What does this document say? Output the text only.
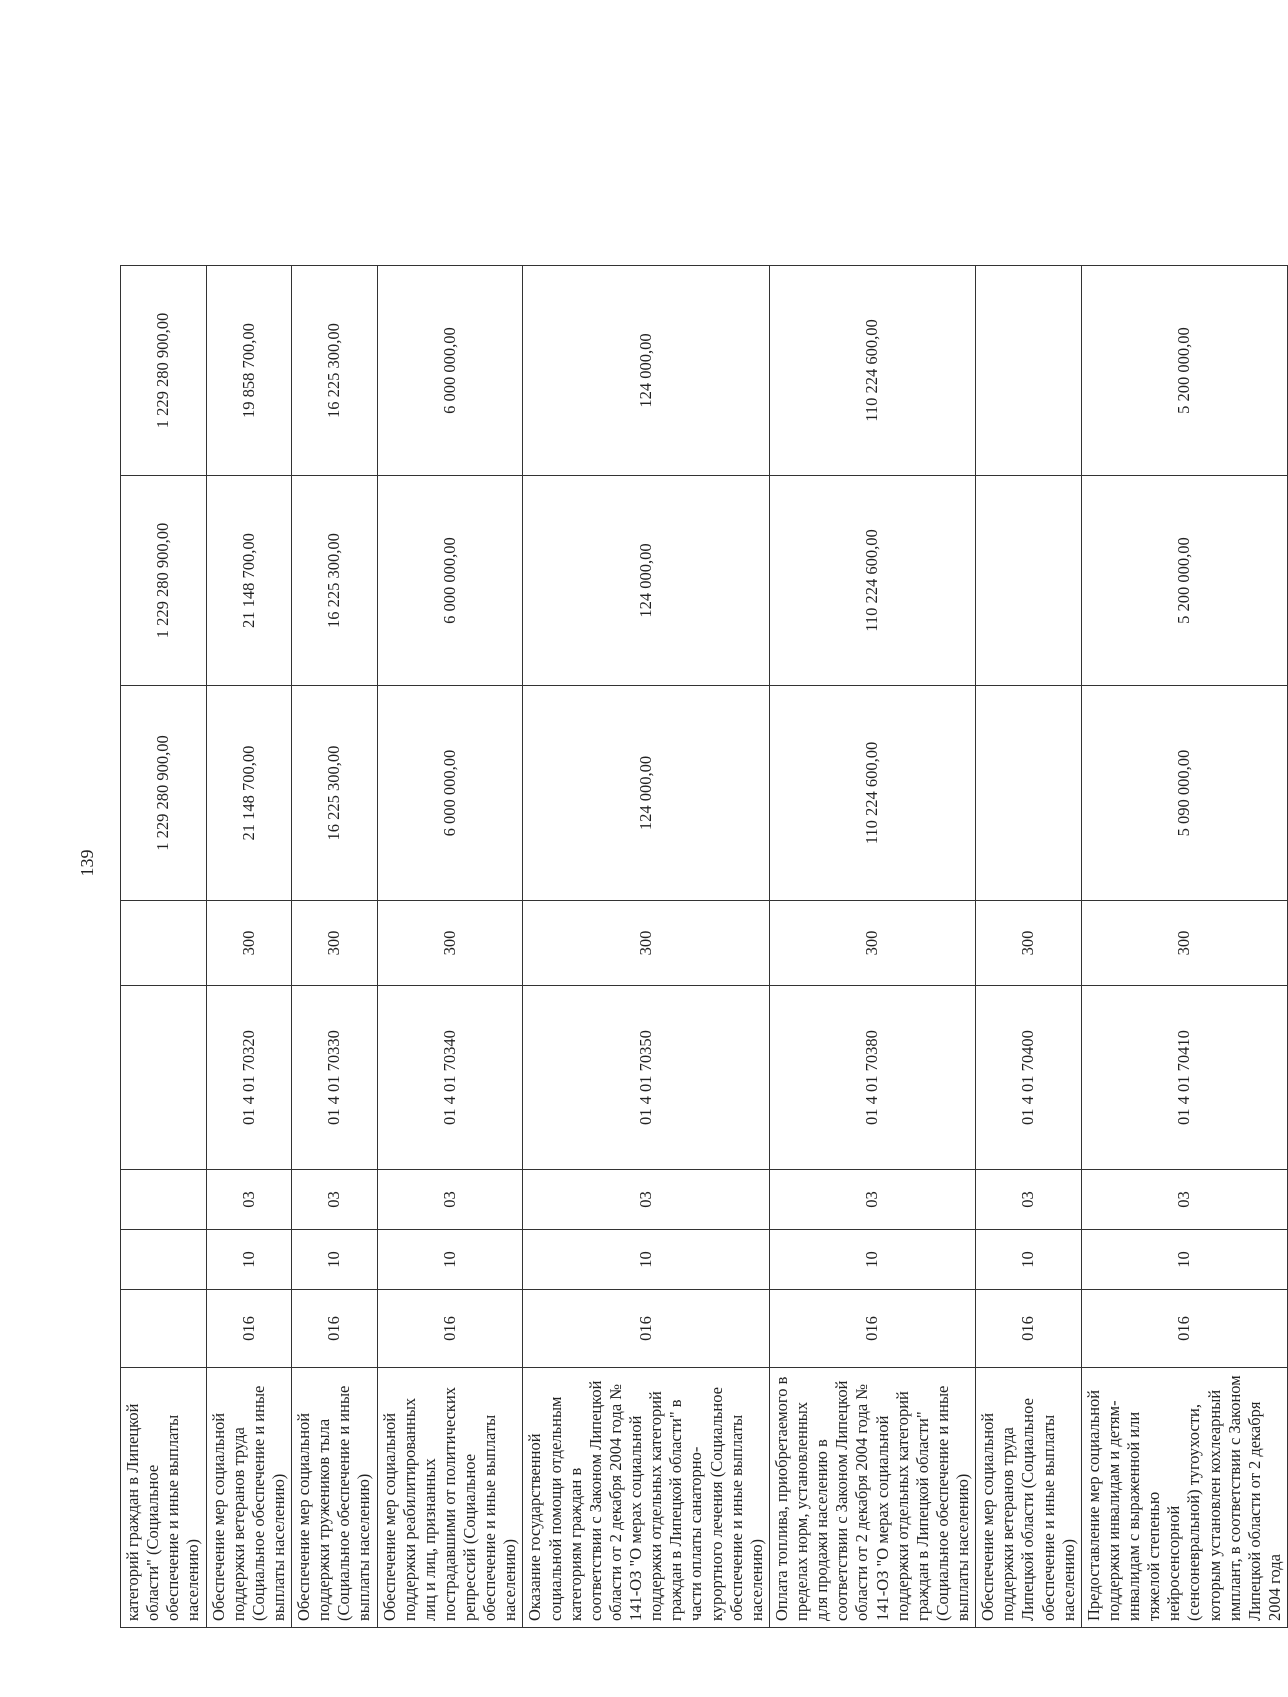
139
категорий граждан в Липецкой области" (Социальное обеспечение и иные выплаты населению)						1 229 280 900,00	1 229 280 900,00	1 229 280 900,00
Обеспечение мер социальной поддержки ветеранов труда (Социальное обеспечение и иные выплаты населению)	016	10	03	01 4 01 70320	300	21 148 700,00	21 148 700,00	19 858 700,00
Обеспечение мер социальной поддержки тружеников тыла (Социальное обеспечение и иные выплаты населению)	016	10	03	01 4 01 70330	300	16 225 300,00	16 225 300,00	16 225 300,00
Обеспечение мер социальной поддержки реабилитированных лиц и лиц, признанных пострадавшими от политических репрессий (Социальное обеспечение и иные выплаты населению)	016	10	03	01 4 01 70340	300	6 000 000,00	6 000 000,00	6 000 000,00
Оказание государственной социальной помощи отдельным категориям граждан в соответствии с Законом Липецкой области от 2 декабря 2004 года № 141-ОЗ "О мерах социальной поддержки отдельных категорий граждан в Липецкой области" в части оплаты санаторно-курортного лечения (Социальное обеспечение и иные выплаты населению)	016	10	03	01 4 01 70350	300	124 000,00	124 000,00	124 000,00
Оплата топлива, приобретаемого в пределах норм, установленных для продажи населению в соответствии с Законом Липецкой области от 2 декабря 2004 года № 141-ОЗ "О мерах социальной поддержки отдельных категорий граждан в Липецкой области" (Социальное обеспечение и иные выплаты населению)	016	10	03	01 4 01 70380	300	110 224 600,00	110 224 600,00	110 224 600,00
Обеспечение мер социальной поддержки ветеранов труда Липецкой области (Социальное обеспечение и иные выплаты населению)	016	10	03	01 4 01 70400	300			
Предоставление мер социальной поддержки инвалидам и детям-инвалидам с выраженной или тяжелой степенью нейросенсорной (сенсоневральной) тугоухости, которым установлен кохлеарный имплант, в соответствии с Законом Липецкой области от 2 декабря 2004 года	016	10	03	01 4 01 70410	300	5 090 000,00	5 200 000,00	5 200 000,00
